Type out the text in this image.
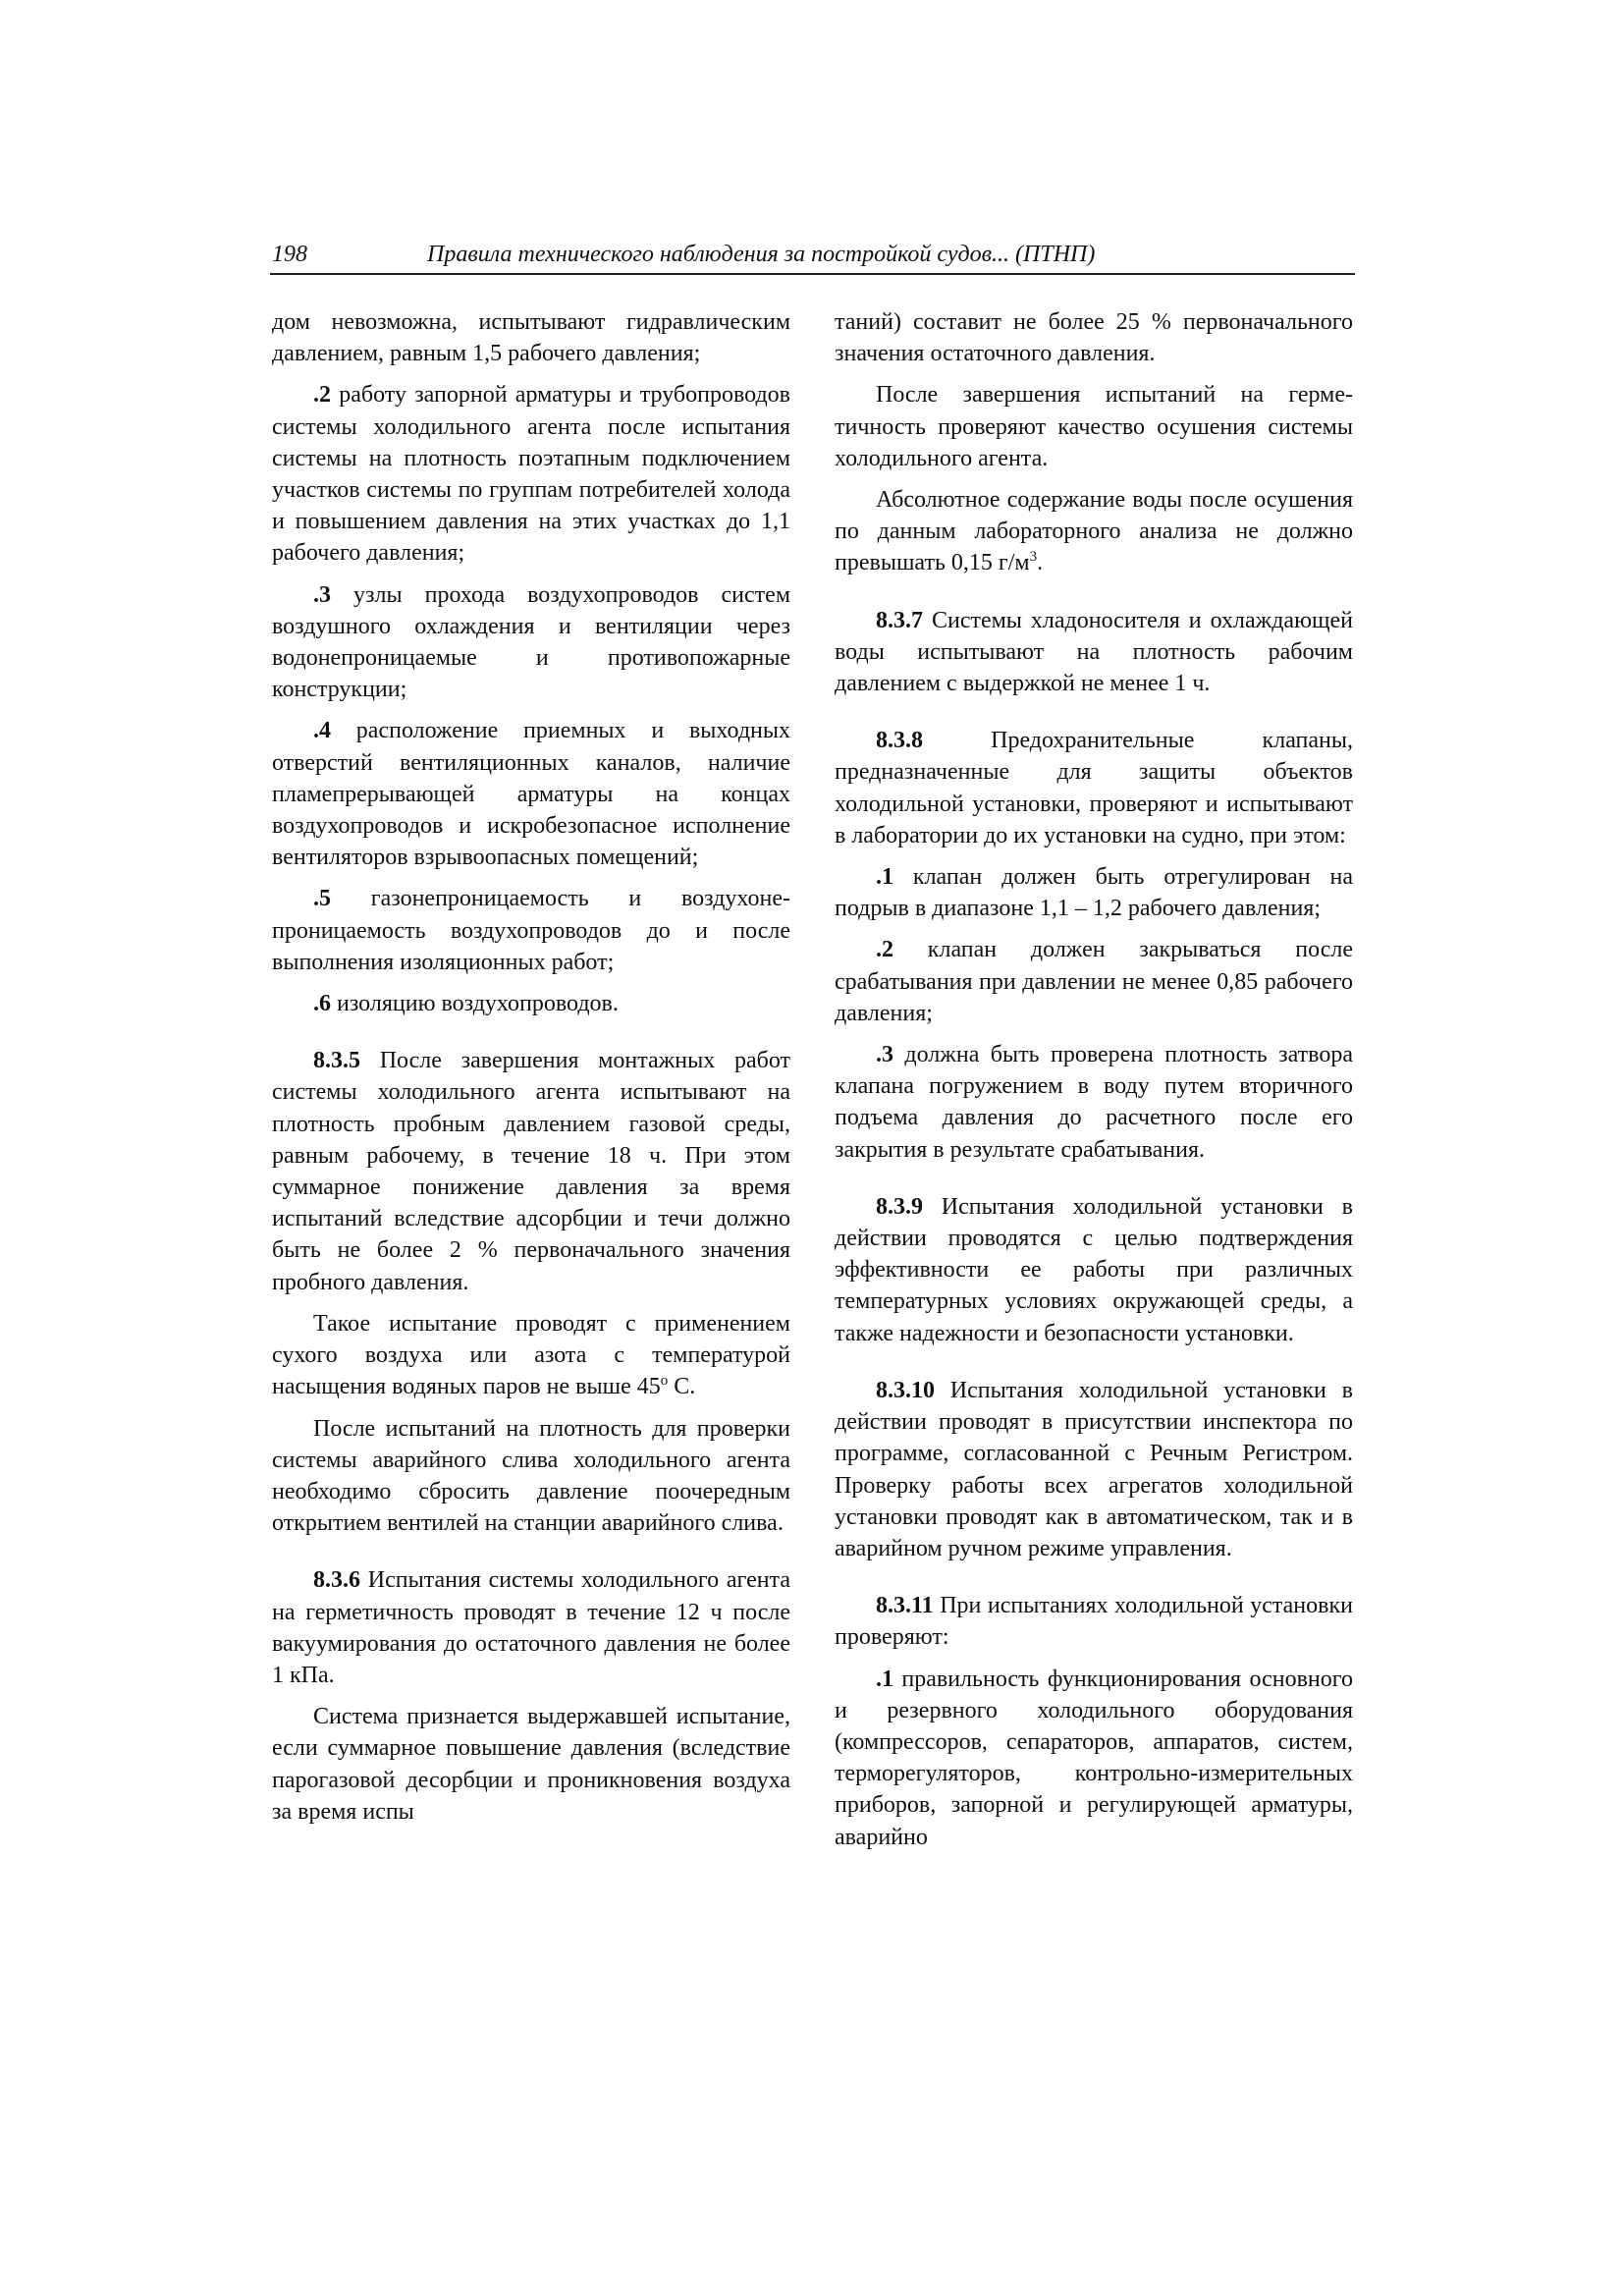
198	Правила технического наблюдения за постройкой судов... (ПТНП)

дом невозможна, испытывают гидравлическим давлением, равным 1,5 рабочего давления;

.2 работу запорной арматуры и трубопроводов системы холодильного агента после испытания системы на плотность поэтапным подключением участков системы по группам потребителей холода и повышением давления на этих участках до 1,1 рабочего давления;

.3 узлы прохода воздухопроводов систем воздушного охлаждения и вентиляции через водонепроницаемые и противопожарные конструкции;

.4 расположение приемных и выходных отверстий вентиляционных каналов, наличие пламепрерывающей арматуры на концах воздухопроводов и искробезопасное исполнение вентиляторов взрывоопасных помещений;

.5 газонепроницаемость и воздухонепроницаемость воздухопроводов до и после выполнения изоляционных работ;

.6 изоляцию воздухопроводов.

8.3.5 После завершения монтажных работ системы холодильного агента испытывают на плотность пробным давлением газовой среды, равным рабочему, в течение 18 ч. При этом суммарное понижение давления за время испытаний вследствие адсорбции и течи должно быть не более 2 % первоначального значения пробного давления.

Такое испытание проводят с применением сухого воздуха или азота с температурой насыщения водяных паров не выше 45$^o$ С.

После испытаний на плотность для проверки системы аварийного слива холодильного агента необходимо сбросить давление поочередным открытием вентилей на станции аварийного слива.

8.3.6 Испытания системы холодильного агента на герметичность проводят в течение 12 ч после вакуумирования до остаточного давления не более 1 кПа.

Система признается выдержавшей испытание, если суммарное повышение давления (вследствие парогазовой десорбции и проникновения воздуха за время испы

таний) составит не более 25 % первоначального значения остаточного давления.

После завершения испытаний на герметичность проверяют качество осушения системы холодильного агента.

Абсолютное содержание воды после осушения по данным лабораторного анализа не должно превышать 0,15 $г/м^3$.

8.3.7 Системы хладоносителя и охлаждающей воды испытывают на плотность рабочим давлением с выдержкой не менее 1 ч.

8.3.8 Предохранительные клапаны, предназначенные для защиты объектов холодильной установки, проверяют и испытывают в лаборатории до их установки на судно, при этом:

.1 клапан должен быть отрегулирован на подрыв в диапазоне 1,1 – 1,2 рабочего давления;

.2 клапан должен закрываться после срабатывания при давлении не менее 0,85 рабочего давления;

.3 должна быть проверена плотность затвора клапана погружением в воду путем вторичного подъема давления до расчетного после его закрытия в результате срабатывания.

8.3.9 Испытания холодильной установки в действии проводятся с целью подтверждения эффективности ее работы при различных температурных условиях окружающей среды, а также надежности и безопасности установки.

8.3.10 Испытания холодильной установки в действии проводят в присутствии инспектора по программе, согласованной с Речным Регистром. Проверку работы всех агрегатов холодильной установки проводят как в автоматическом, так и в аварийном ручном режиме управления.

8.3.11 При испытаниях холодильной установки проверяют:

.1 правильность функционирования основного и резервного холодильного оборудования (компрессоров, сепараторов, аппаратов, систем, терморегуляторов, контрольно-измерительных приборов, запорной и регулирующей арматуры, аварийно
